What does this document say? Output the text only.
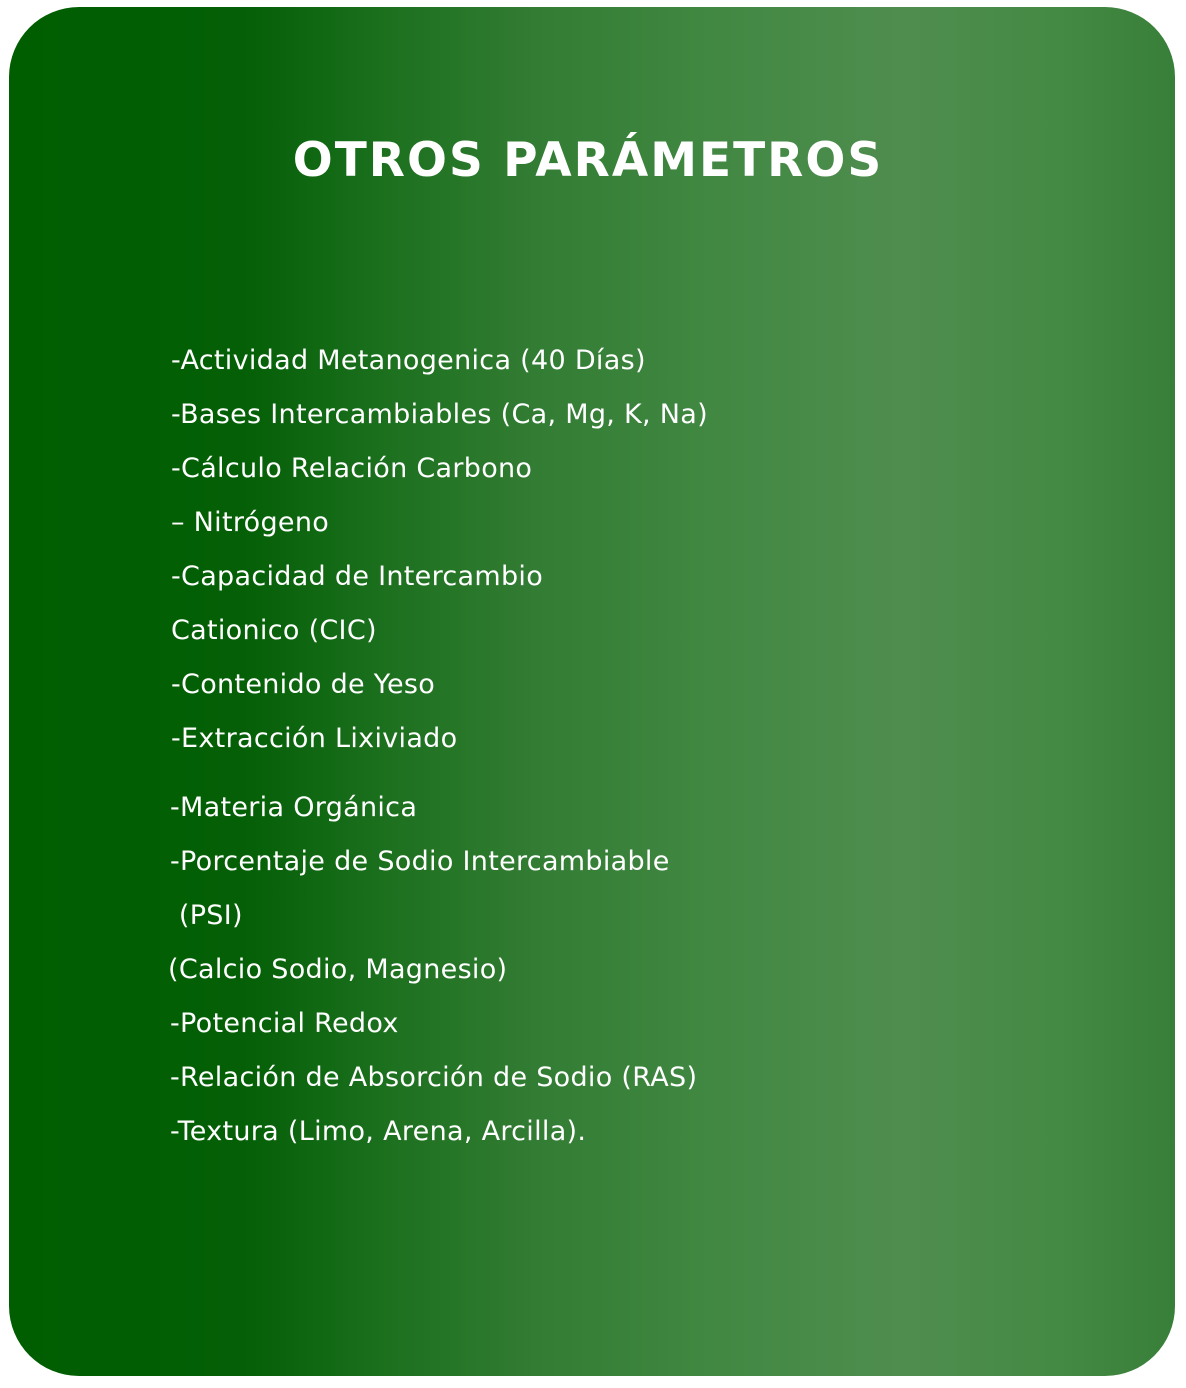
OTROS PARÁMETROS
-Actividad Metanogenica (40 Días)
-Bases Intercambiables (Ca, Mg, K, Na)
-Cálculo Relación Carbono
– Nitrógeno
-Capacidad de Intercambio
Cationico (CIC)
-Contenido de Yeso
-Extracción Lixiviado
-Materia Orgánica
-Porcentaje de Sodio Intercambiable
(PSI)
(Calcio Sodio, Magnesio)
-Potencial Redox
-Relación de Absorción de Sodio (RAS)
-Textura (Limo, Arena, Arcilla).
